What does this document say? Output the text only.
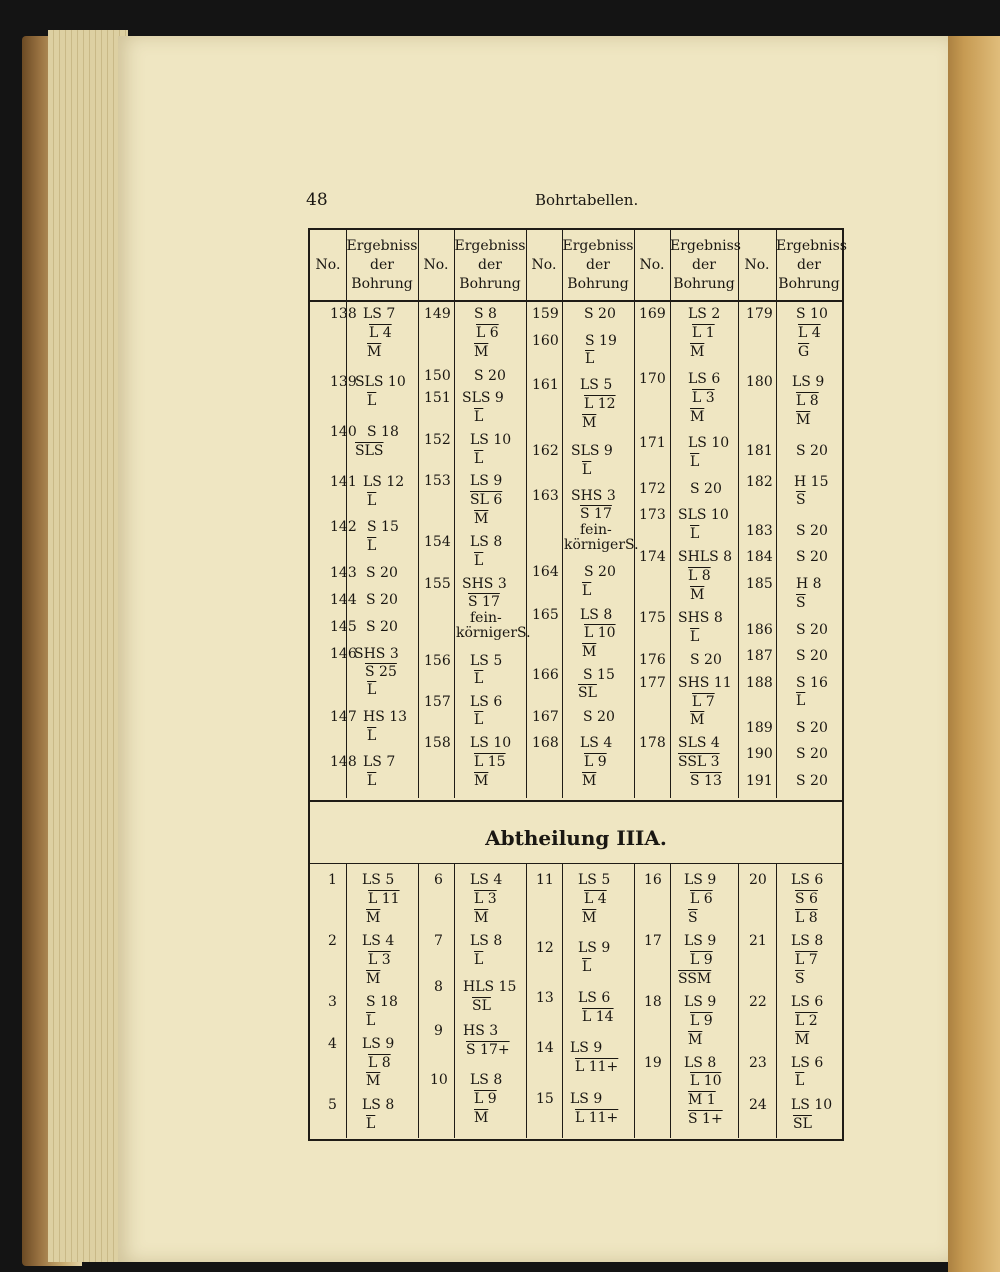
48	Bohrtabellen.
Abtheilung IIIA.
No.
Ergebniss
der
Bohrung
No.
Ergebniss
der
Bohrung
No.
Ergebniss
der
Bohrung
No.
Ergebniss
der
Bohrung
No.
Ergebniss
der
Bohrung
138 LS 7
L 4
$\overline{M}$
139
SLS 10
$\overline{L}$
140 S 18
$\overline{SLS}$
141 LS 12
$\overline{L}$
142 S 15
$\overline{L}$
143 S 20
144 S 20
145 S 20
146
SHS 3
S 25
$\overline{L}$
147 HS 13
$\overline{L}$
148 LS 7
$\overline{L}$
149 S 8
L 6
$\overline{M}$
150 S 20
151 SLS 9
$\overline{L}$
152 LS 10
$\overline{L}$
153 LS 9
SL 6
$\overline{M}$
154 LS 8
$\overline{L}$
155 SHS 3
S 17
fein-
körnigerS.
156 LS 5
$\overline{L}$
157 LS 6
$\overline{L}$
158 LS 10
L 15
$\overline{M}$
159 S 20
160 S 19
$\overline{L}$
161 LS 5
L 12
$\overline{M}$
162 SLS 9
$\overline{L}$
163 SHS 3
S 17
fein-
körnigerS.
164 S 20
$\overline{L}$
165 LS 8
L 10
$\overline{M}$
166 S 15
$\overline{SL}$
167 S 20
168 LS 4
L 9
$\overline{M}$
169 LS 2
L 1
$\overline{M}$
170 LS 6
L 3
$\overline{M}$
171 LS 10
$\overline{L}$
172 S 20
173 SLS 10
$\overline{L}$
174 SHLS 8
L 8
$\overline{M}$
175 SHS 8
$\overline{L}$
176 S 20
177 SHS 11
L 7
$\overline{M}$
178 SLS 4
SSL 3
S 13
179 S 10
L 4
$\overline{G}$
180 LS 9
L 8
$\overline{M}$
181 S 20
182 H 15
$\overline{S}$
183 S 20
184 S 20
185 H 8
$\overline{S}$
186 S 20
187 S 20
188 S 16
$\overline{L}$
189 S 20
190 S 20
191 S 20
1 LS 5
L 11
$\overline{M}$
2 LS 4
L 3
$\overline{M}$
3 S 18
$\overline{L}$
4 LS 9
L 8
$\overline{M}$
5 LS 8
$\overline{L}$
6 LS 4
L 3
$\overline{M}$
7 LS 8
$\overline{L}$
8 HLS 15
$\overline{SL}$
9 HS 3
S 17+
10 LS 8
L 9
$\overline{M}$
11 LS 5
L 4
$\overline{M}$
12 LS 9
$\overline{L}$
13 LS 6
L 14
14 LS 9
L 11+
15 LS 9
L 11+
16 LS 9
L 6
$\overline{S}$
17 LS 9
L 9
$\overline{SSM}$
18 LS 9
L 9
$\overline{M}$
19 LS 8
L 10
M 1
S 1+
20 LS 6
S 6
L 8
21 LS 8
L 7
$\overline{S}$
22 LS 6
L 2
$\overline{M}$
23 LS 6
$\overline{L}$
24 LS 10
$\overline{SL}$
